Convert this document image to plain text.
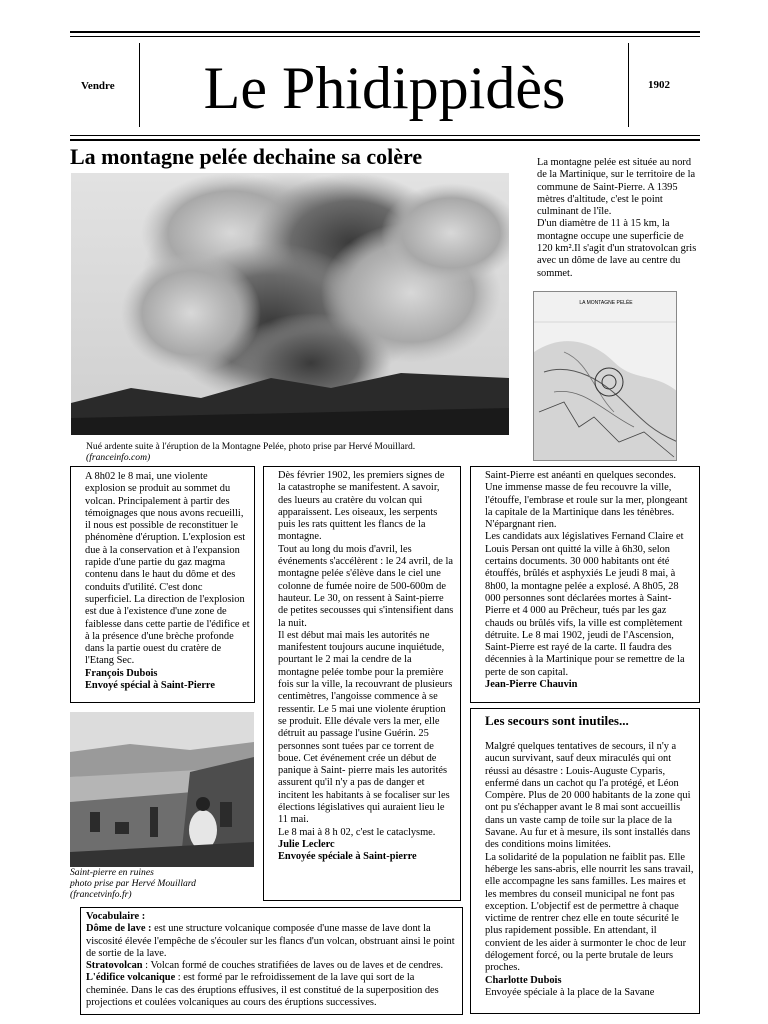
Vendre	Le Phidippidès	1902
La montagne pelée dechaine sa colère
Nué ardente suite à l'éruption de la Montagne Pelée, photo prise par Hervé Mouillard.
(franceinfo.com)

La montagne pelée est située au nord de la Martinique, sur le territoire de la commune de Saint-Pierre. A 1395 mètres d'altitude, c'est le point culminant de l'île.

D'un diamètre de 11 à 15 km, la montagne occupe une superficie de 120 km².Il s'agit d'un stratovolcan gris avec un dôme de lave au centre du sommet.

LA MONTAGNE PELÉE

A 8h02 le 8 mai, une violente explosion se produit au sommet du volcan. Principalement à partir des témoignages que nous avons recueilli, il nous est possible de reconstituer le phénomène d'éruption. L'explosion est due à la conservation et à l'expansion rapide d'une partie du gaz magma contenu dans le haut du dôme et des conduits d'utilité. C'est donc superficiel. La direction de l'explosion est due à l'existence d'une zone de faiblesse dans cette partie de l'édifice et à la présence d'une brèche profonde dans la partie ouest du cratère de l'Etang Sec.

François Dubois

Envoyé spécial à Saint-Pierre

Saint-pierre en ruines
photo prise par Hervé Mouillard
(francetvinfo.fr)

Dès février 1902, les premiers signes de la catastrophe se manifestent. A savoir, des lueurs au cratère du volcan qui apparaissent. Les oiseaux, les serpents puis les rats quittent les flancs de la montagne.

Tout au long du mois d'avril, les événements s'accélèrent : le 24 avril, de la montagne pelée s'élève dans le ciel une colonne de fumée noire de 500-600m de hauteur. Le 30, on ressent à Saint-pierre de petites secousses qui s'intensifient dans la nuit.

Il est début mai mais les autorités ne manifestent toujours aucune inquiétude, pourtant le 2 mai la cendre de la montagne pelée tombe pour la première fois sur la ville, la recouvrant de plusieurs centimètres, l'angoisse commence à se ressentir. Le 5 mai une violente éruption se produit. Elle dévale vers la mer, elle détruit au passage l'usine Guérin. 25 personnes sont tuées par ce torrent de boue. Cet événement crée un début de panique à Saint- pierre mais les autorités assurent qu'il n'y a pas de danger et incitent les habitants à se focaliser sur les élections législatives qui auraient lieu le 11 mai.

Le 8 mai à 8 h 02, c'est le cataclysme.

Julie Leclerc

Envoyée spéciale à Saint-pierre

Saint-Pierre est anéanti en quelques secondes. Une immense masse de feu recouvre la ville, l'étouffe, l'embrase et roule sur la mer, plongeant la capitale de la Martinique dans les ténèbres. N'épargnant rien.

Les candidats aux législatives Fernand Claire et Louis Persan ont quitté la ville à 6h30, selon certains documents. 30 000 habitants ont été étouffés, brûlés et asphyxiés Le jeudi 8 mai, à 8h00, la montagne pelée a explosé. A 8h05, 28 000 personnes sont déclarées mortes à Saint-Pierre et 4 000 au Prêcheur, tués par les gaz chauds ou brûlés vifs, la ville est complètement détruite. Le 8 mai 1902, jeudi de l'Ascension, Saint-Pierre est rayé de la carte. Il faudra des décennies à la Martinique pour se remettre de la perte de son capital.

Jean-Pierre Chauvin

Les secours sont inutiles...

Malgré quelques tentatives de secours, il n'y a aucun survivant, sauf deux miraculés qui ont réussi au désastre : Louis-Auguste Cyparis, enfermé dans un cachot qu l'a protégé, et Léon Compère. Plus de 20 000 habitants de la zone qui ont pu s'échapper avant le 8 mai sont accueillis dans un vaste camp de toile sur la place de la Savane. Au fur et à mesure, ils sont installés dans des conditions moins limitées.

La solidarité de la population ne faiblit pas. Elle héberge les sans-abris, elle nourrit les sans travail, elle accompagne les sans familles. Les maires et les membres du conseil municipal ne font pas exception. L'objectif est de permettre à chaque victime de rentrer chez elle en toute sécurité le plus rapidement possible. En attendant, il convient de les aider à surmonter le choc de leur délogement forcé, ou la perte brutale de leurs proches.

Charlotte Dubois

Envoyée spéciale à la place de la Savane

Vocabulaire :

Dôme de lave : est une structure volcanique composée d'une masse de lave dont la viscosité élevée l'empêche de s'écouler sur les flancs d'un volcan, obstruant ainsi le point de sortie de la lave.

Stratovolcan : Volcan formé de couches stratifiées de laves ou de laves et de cendres.

L'édifice volcanique : est formé par le refroidissement de la lave qui sort de la cheminée. Dans le cas des éruptions effusives, il est constitué de la superposition des projections et coulées volcaniques au cours des éruptions successives.
